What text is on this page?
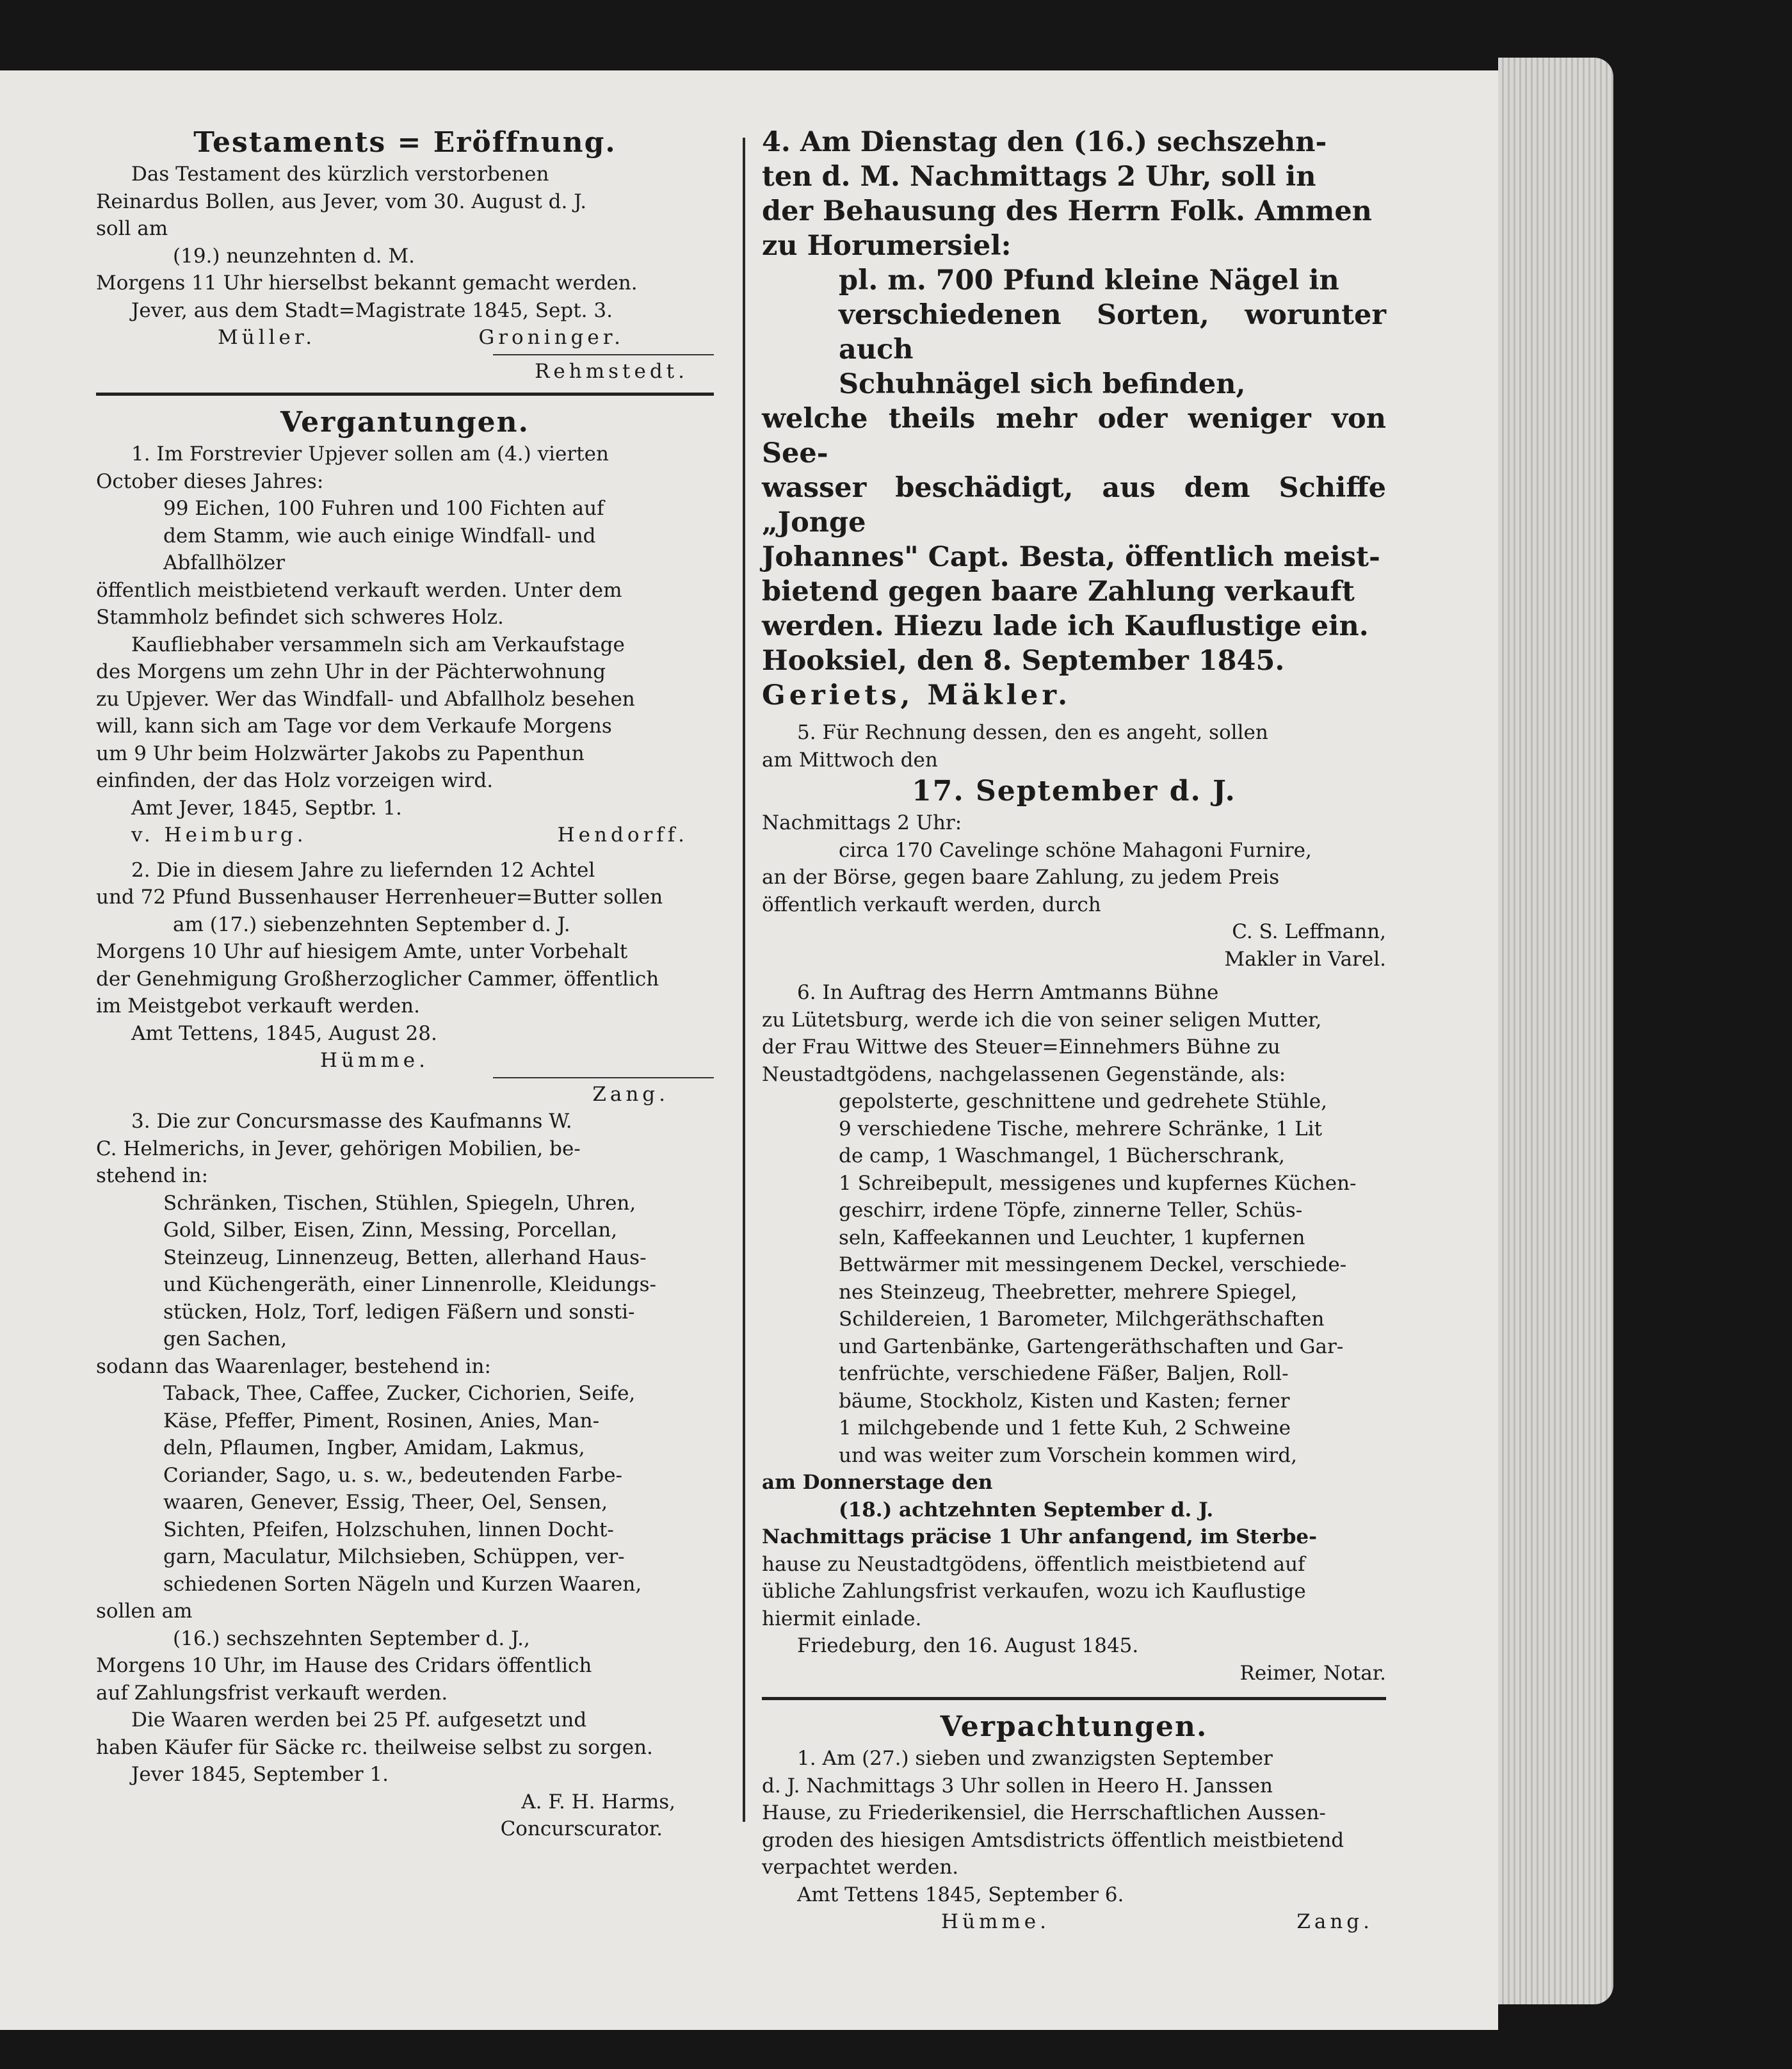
Testaments = Eröffnung.

Das Testament des kürzlich verstorbenen

Reinardus Bollen, aus Jever, vom 30. August d. J.

soll am

(19.) neunzehnten d. M.

Morgens 11 Uhr hierselbst bekannt gemacht werden.

Jever, aus dem Stadt=Magistrate 1845, Sept. 3.

Müller.	Groninger.

Rehmstedt.

Vergantungen.

1. Im Forstrevier Upjever sollen am (4.) vierten

October dieses Jahres:

99 Eichen, 100 Fuhren und 100 Fichten auf

dem Stamm, wie auch einige Windfall- und

Abfallhölzer

öffentlich meistbietend verkauft werden. Unter dem

Stammholz befindet sich schweres Holz.

Kaufliebhaber versammeln sich am Verkaufstage

des Morgens um zehn Uhr in der Pächterwohnung

zu Upjever. Wer das Windfall- und Abfallholz besehen

will, kann sich am Tage vor dem Verkaufe Morgens

um 9 Uhr beim Holzwärter Jakobs zu Papenthun

einfinden, der das Holz vorzeigen wird.

Amt Jever, 1845, Septbr. 1.

v. Heimburg.	Hendorff.

2. Die in diesem Jahre zu liefernden 12 Achtel

und 72 Pfund Bussenhauser Herrenheuer=Butter sollen

am (17.) siebenzehnten September d. J.

Morgens 10 Uhr auf hiesigem Amte, unter Vorbehalt

der Genehmigung Großherzoglicher Cammer, öffentlich

im Meistgebot verkauft werden.

Amt Tettens, 1845, August 28.

Hümme.

Zang.

3. Die zur Concursmasse des Kaufmanns W.

C. Helmerichs, in Jever, gehörigen Mobilien, be-

stehend in:

Schränken, Tischen, Stühlen, Spiegeln, Uhren,

Gold, Silber, Eisen, Zinn, Messing, Porcellan,

Steinzeug, Linnenzeug, Betten, allerhand Haus-

und Küchengeräth, einer Linnenrolle, Kleidungs-

stücken, Holz, Torf, ledigen Fäßern und sonsti-

gen Sachen,

sodann das Waarenlager, bestehend in:

Taback, Thee, Caffee, Zucker, Cichorien, Seife,

Käse, Pfeffer, Piment, Rosinen, Anies, Man-

deln, Pflaumen, Ingber, Amidam, Lakmus,

Coriander, Sago, u. s. w., bedeutenden Farbe-

waaren, Genever, Essig, Theer, Oel, Sensen,

Sichten, Pfeifen, Holzschuhen, linnen Docht-

garn, Maculatur, Milchsieben, Schüppen, ver-

schiedenen Sorten Nägeln und Kurzen Waaren,

sollen am

(16.) sechszehnten September d. J.,

Morgens 10 Uhr, im Hause des Cridars öffentlich

auf Zahlungsfrist verkauft werden.

Die Waaren werden bei 25 Pf. aufgesetzt und

haben Käufer für Säcke rc. theilweise selbst zu sorgen.

Jever 1845, September 1.

A. F. H. Harms,

Concurscurator.

4. Am Dienstag den (16.) sechszehn-

ten d. M. Nachmittags 2 Uhr, soll in

der Behausung des Herrn Folk. Ammen

zu Horumersiel:

pl. m. 700 Pfund kleine Nägel in

verschiedenen Sorten, worunter auch

Schuhnägel sich befinden,

welche theils mehr oder weniger von See-

wasser beschädigt, aus dem Schiffe „Jonge

Johannes" Capt. Besta, öffentlich meist-

bietend gegen baare Zahlung verkauft

werden. Hiezu lade ich Kauflustige ein.

Hooksiel, den 8. September 1845.

Geriets, Mäkler.

5. Für Rechnung dessen, den es angeht, sollen

am Mittwoch den

17. September d. J.

Nachmittags 2 Uhr:

circa 170 Cavelinge schöne Mahagoni Furnire,

an der Börse, gegen baare Zahlung, zu jedem Preis

öffentlich verkauft werden, durch

C. S. Leffmann,

Makler in Varel.

6. In Auftrag des Herrn Amtmanns Bühne

zu Lütetsburg, werde ich die von seiner seligen Mutter,

der Frau Wittwe des Steuer=Einnehmers Bühne zu

Neustadtgödens, nachgelassenen Gegenstände, als:

gepolsterte, geschnittene und gedrehete Stühle,

9 verschiedene Tische, mehrere Schränke, 1 Lit

de camp, 1 Waschmangel, 1 Bücherschrank,

1 Schreibepult, messigenes und kupfernes Küchen-

geschirr, irdene Töpfe, zinnerne Teller, Schüs-

seln, Kaffeekannen und Leuchter, 1 kupfernen

Bettwärmer mit messingenem Deckel, verschiede-

nes Steinzeug, Theebretter, mehrere Spiegel,

Schildereien, 1 Barometer, Milchgeräthschaften

und Gartenbänke, Gartengeräthschaften und Gar-

tenfrüchte, verschiedene Fäßer, Baljen, Roll-

bäume, Stockholz, Kisten und Kasten; ferner

1 milchgebende und 1 fette Kuh, 2 Schweine

und was weiter zum Vorschein kommen wird,

am Donnerstage den

(18.) achtzehnten September d. J.

Nachmittags präcise 1 Uhr anfangend, im Sterbe-

hause zu Neustadtgödens, öffentlich meistbietend auf

übliche Zahlungsfrist verkaufen, wozu ich Kauflustige

hiermit einlade.

Friedeburg, den 16. August 1845.

Reimer, Notar.

Verpachtungen.

1. Am (27.) sieben und zwanzigsten September

d. J. Nachmittags 3 Uhr sollen in Heero H. Janssen

Hause, zu Friederikensiel, die Herrschaftlichen Aussen-

groden des hiesigen Amtsdistricts öffentlich meistbietend

verpachtet werden.

Amt Tettens 1845, September 6.

Hümme.	Zang.
